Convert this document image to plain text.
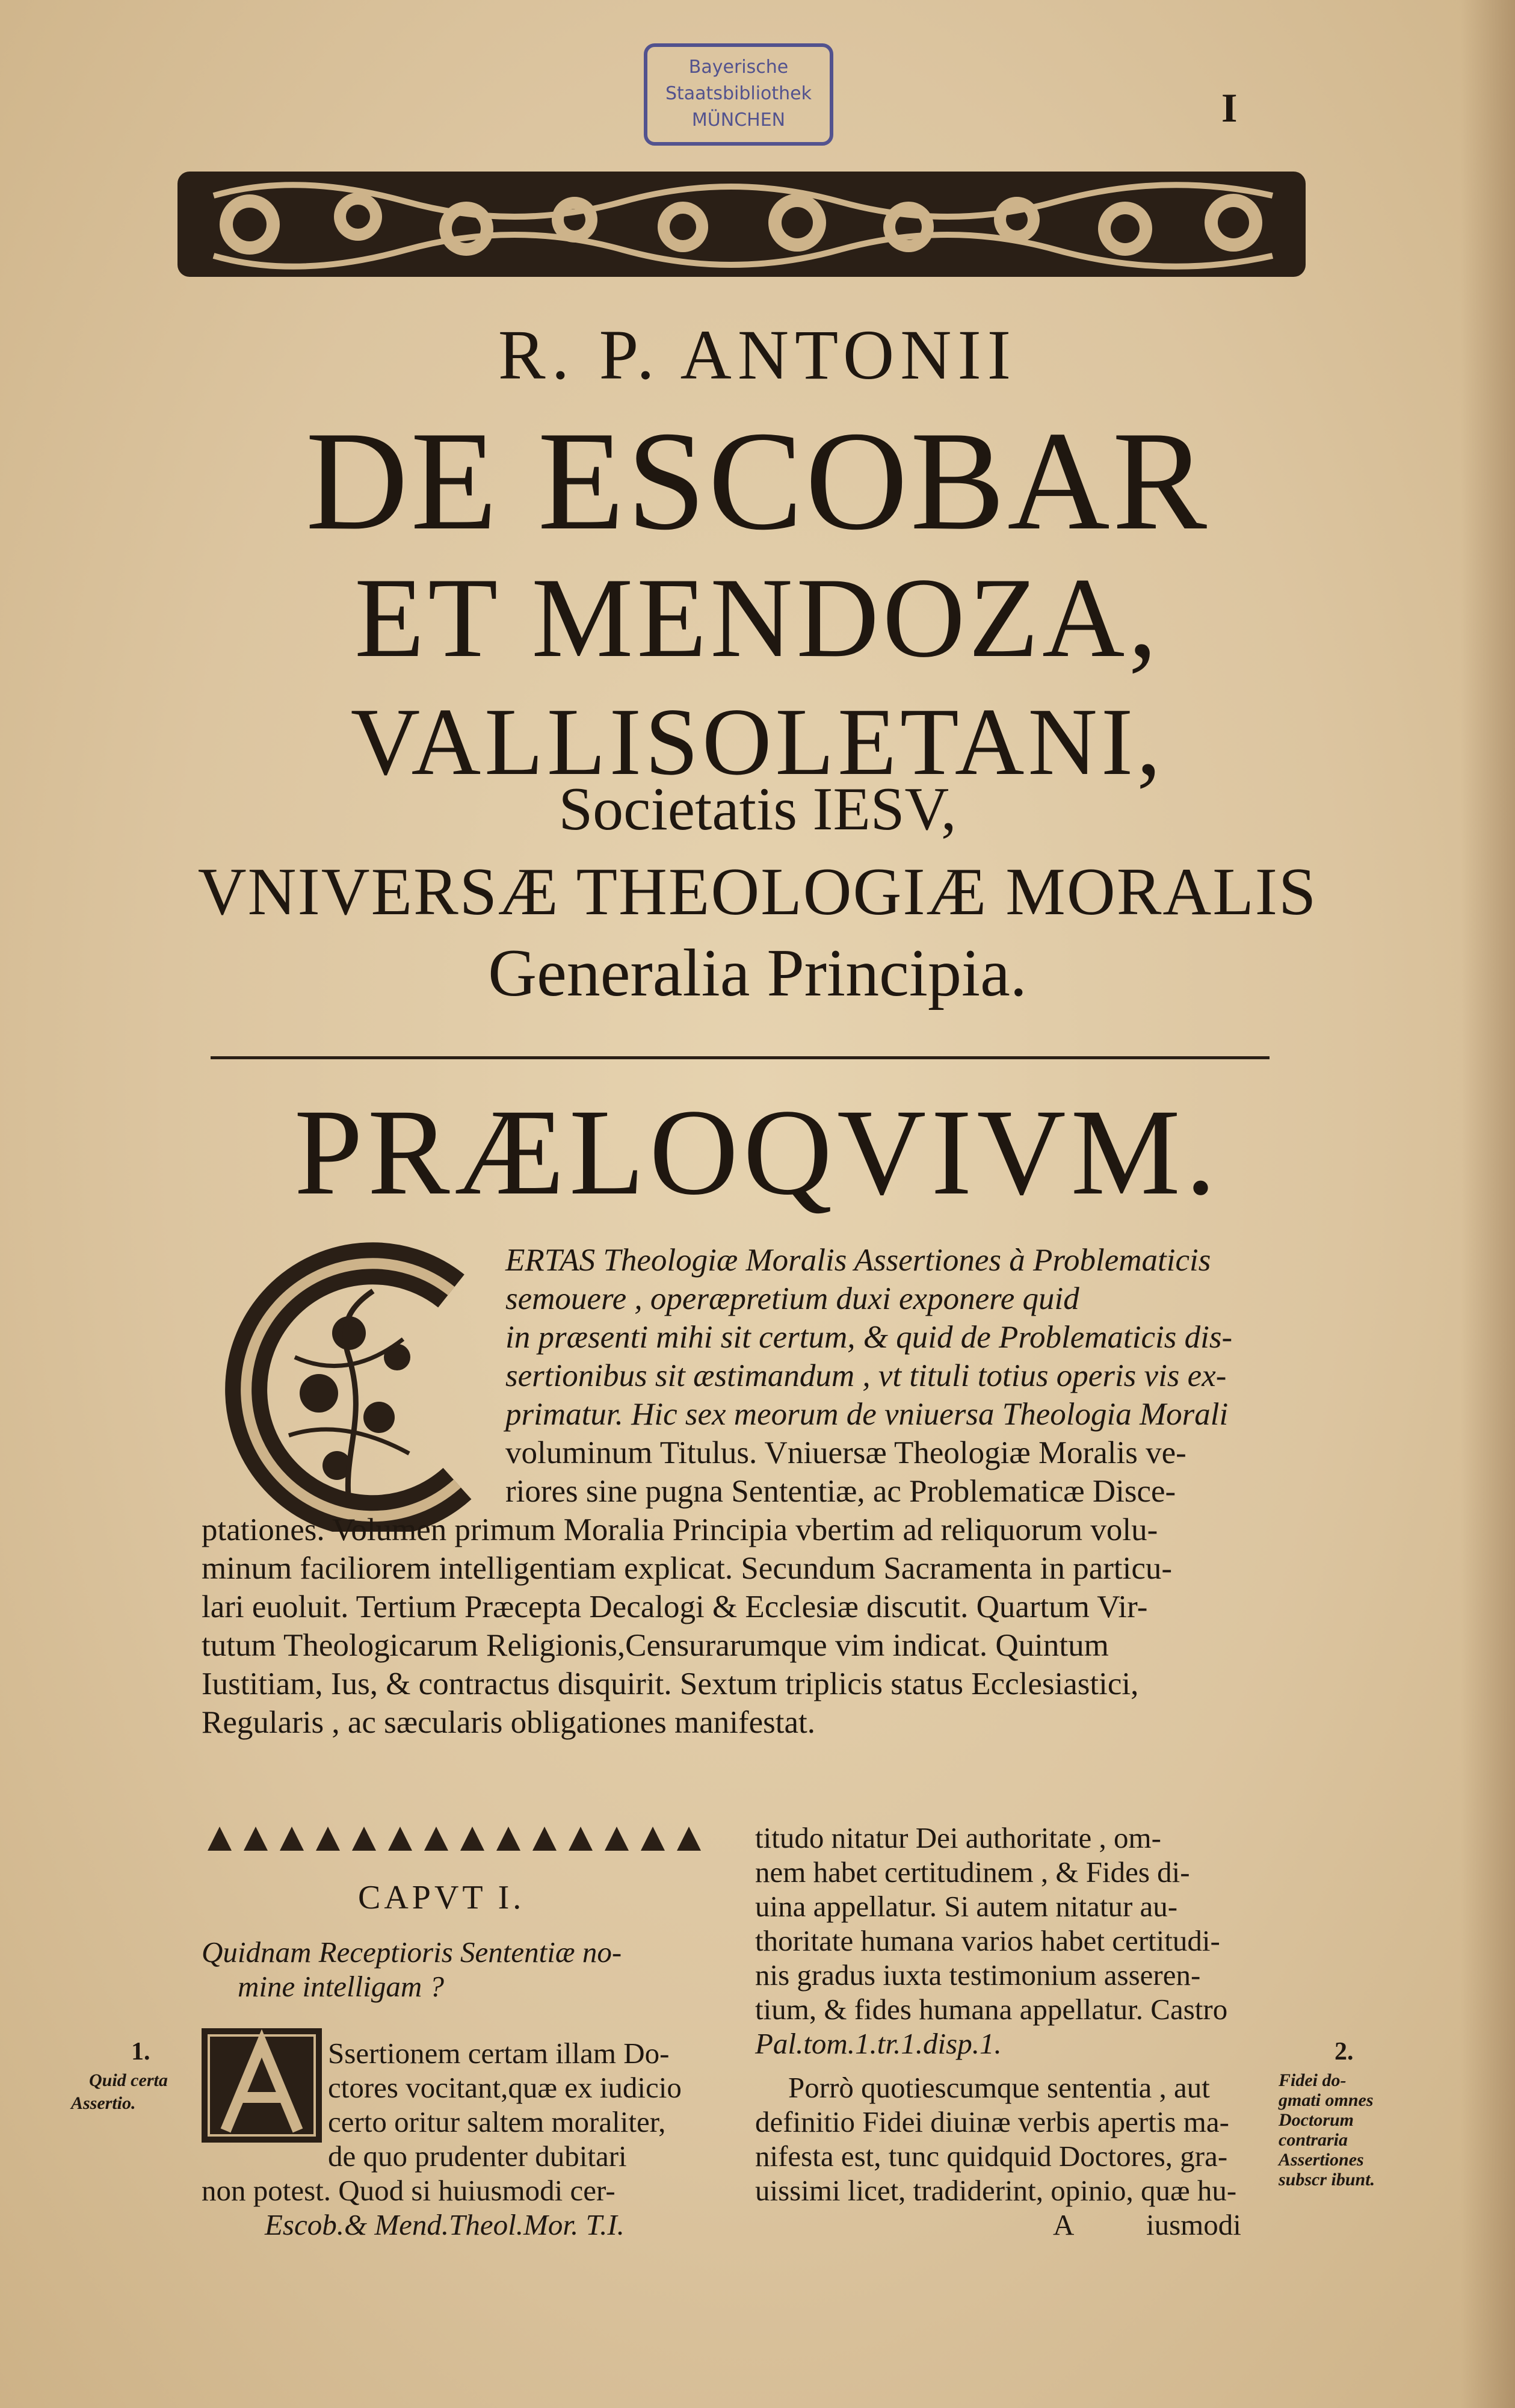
Bayerische
Staatsbibliothek
MÜNCHEN	I
R. P. ANTONII
DE ESCOBAR
ET MENDOZA,
VALLISOLETANI,
Societatis IESV,
VNIVERSÆ THEOLOGIÆ MORALIS
Generalia Principia.
PRÆLOQVIVM.
ERTAS Theologiæ Moralis Assertiones à Problematicis
semouere , operæpretium duxi exponere quid
in præsenti mihi sit certum, & quid de Problematicis dis-
sertionibus sit æstimandum , vt tituli totius operis vis ex-
primatur. Hic sex meorum de vniuersa Theologia Morali
voluminum Titulus. Vniuersæ Theologiæ Moralis ve-
riores sine pugna Sententiæ, ac Problematicæ Disce-
ptationes. Volumen primum Moralia Principia vbertim ad reliquorum volu-
minum faciliorem intelligentiam explicat. Secundum Sacramenta in particu-
lari euoluit. Tertium Præcepta Decalogi & Ecclesiæ discutit. Quartum Vir-
tutum Theologicarum Religionis,Censurarumque vim indicat. Quintum
Iustitiam, Ius, & contractus disquirit. Sextum triplicis status Ecclesiastici,
Regularis , ac sæcularis obligationes manifestat.
CAPVT I.
Quidnam Receptioris Sententiæ no-
mine intelligam ?
1.
Quid certa
Assertio.
Ssertionem certam illam Do-
ctores vocitant,quæ ex iudicio
certo oritur saltem moraliter,
de quo prudenter dubitari
non potest. Quod si huiusmodi cer-
Escob.& Mend.Theol.Mor. T.I.
titudo nitatur Dei authoritate , om-
nem habet certitudinem , & Fides di-
uina appellatur. Si autem nitatur au-
thoritate humana varios habet certitudi-
nis gradus iuxta testimonium asseren-
tium, & fides humana appellatur. Castro
Pal.tom.1.tr.1.disp.1.
Porrò quotiescumque sententia , aut
definitio Fidei diuinæ verbis apertis ma-
nifesta est, tunc quidquid Doctores, gra-
uissimi licet, tradiderint, opinio, quæ hu-
A iusmodi
2.
Fidei do-
gmati omnes
Doctorum
contraria
Assertiones
subscr ibunt.
